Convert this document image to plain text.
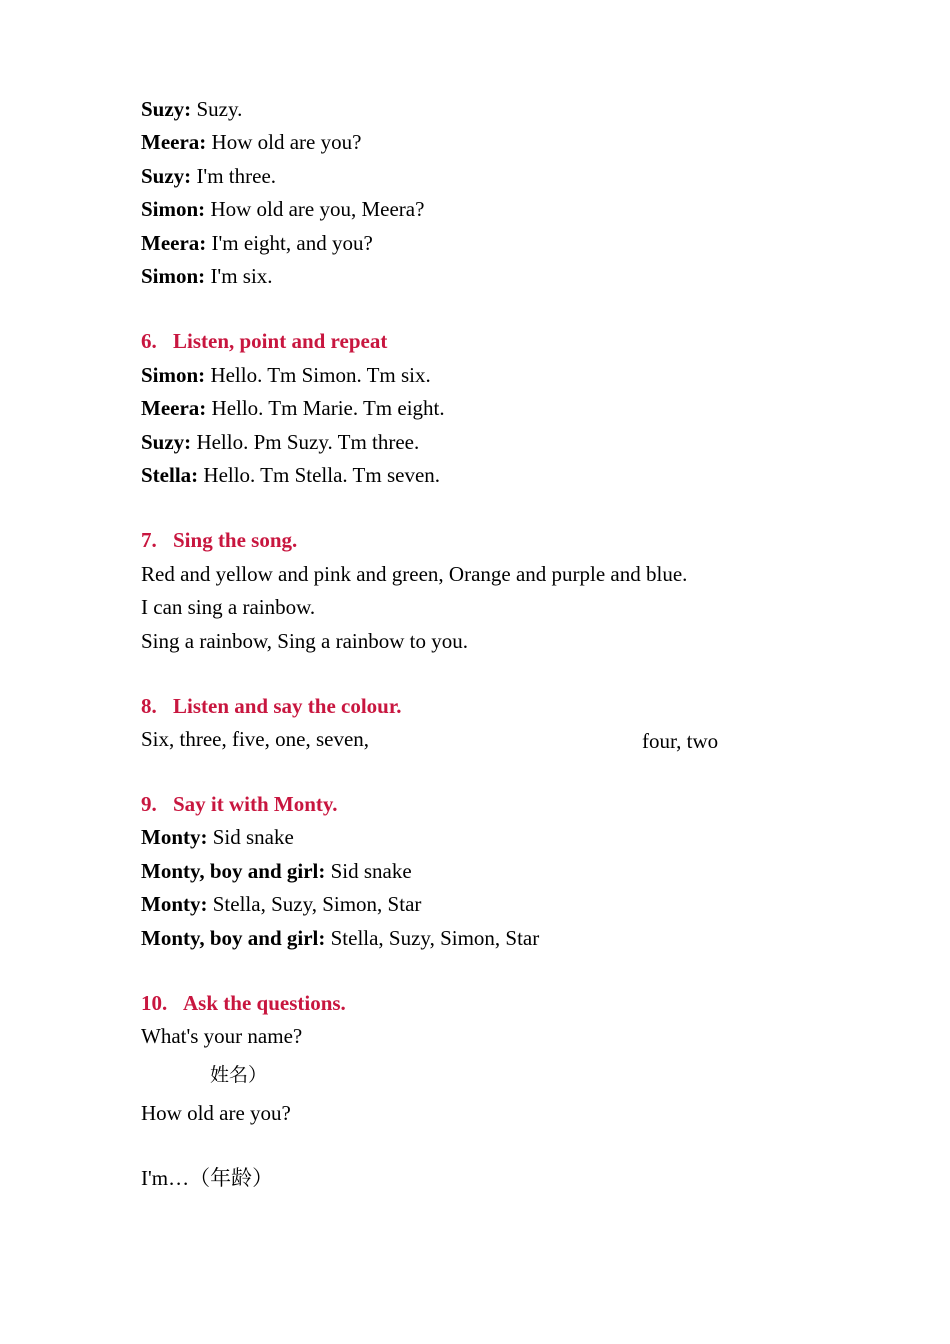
Suzy: Suzy.
Meera: How old are you?
Suzy: I'm three.
Simon: How old are you, Meera?
Meera: I'm eight, and you?
Simon: I'm six.
6. Listen, point and repeat
Simon: Hello. Tm Simon. Tm six.
Meera: Hello. Tm Marie. Tm eight.
Suzy: Hello. Pm Suzy. Tm three.
Stella: Hello. Tm Stella. Tm seven.
7. Sing the song.
Red and yellow and pink and green, Orange and purple and blue.
I can sing a rainbow.
Sing a rainbow, Sing a rainbow to you.
8. Listen and say the colour.
Six, three, five, one, seven,	four, two
9. Say it with Monty.
Monty: Sid snake
Monty, boy and girl: Sid snake
Monty: Stella, Suzy, Simon, Star
Monty, boy and girl: Stella, Suzy, Simon, Star
10. Ask the questions.
What's your name?
姓名）
How old are you?
I'm…（年龄）
